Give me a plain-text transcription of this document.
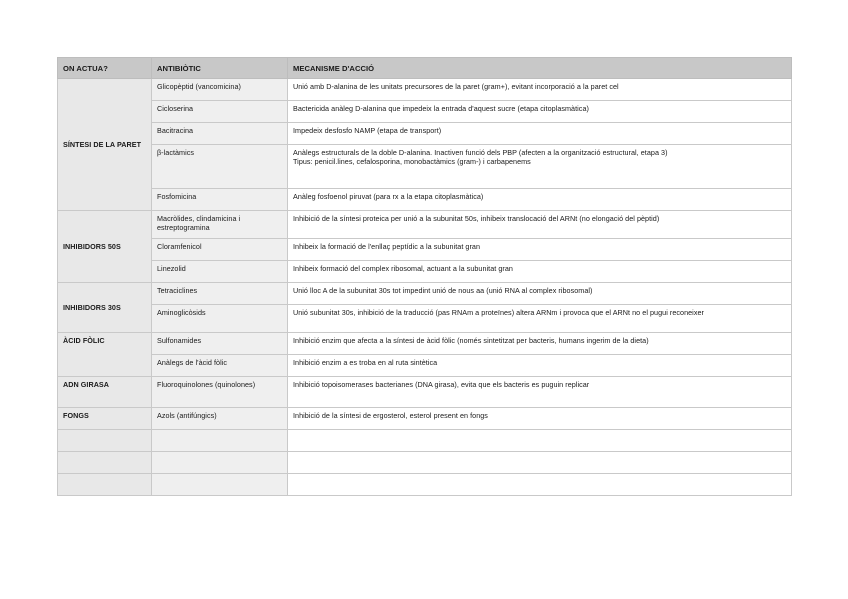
ON ACTUA?	ANTIBIÒTIC	MECANISME D'ACCIÓ
SÍNTESI DE LA PARET	Glicopèptid (vancomicina)	Unió amb D-alanina de les unitats precursores de la paret (gram+), evitant incorporació a la paret cel
	Cicloserina	Bactericida anàleg D-alanina que impedeix la entrada d'aquest sucre (etapa citoplasmàtica)
	Bacitracina	Impedeix desfosfo NAMP (etapa de transport)
	β-lactàmics	Anàlegs estructurals de la doble D-alanina. Inactiven funció dels PBP (afecten a la organització estructural, etapa 3)
Tipus: penicil.lines, cefalosporina, monobactàmics (gram-) i carbapenems

	Fosfomicina	Anàleg fosfoenol piruvat (para rx a la etapa citoplasmàtica)
INHIBIDORS 50S	Macròlides, clindamicina i estreptogramina	Inhibició de la síntesi proteica per unió a la subunitat 50s, inhibeix translocació del ARNt (no elongació del pèptid)
	Cloramfenicol	Inhibeix la formació de l'enllaç peptídic a la subunitat gran
	Linezolid	Inhibeix formació del complex ribosomal, actuant a la subunitat gran
INHIBIDORS 30S	Tetraciclines	Unió lloc A de la subunitat 30s tot impedint unió de nous aa (unió RNA al complex ribosomal)
	Aminoglicòsids	Unió subunitat 30s, inhibició de la traducció (pas RNAm a proteïnes) altera ARNm i provoca que el ARNt no el pugui reconeixer
ÀCID FÒLIC	Sulfonamides	Inhibició enzim que afecta a la síntesi de àcid fòlic (només sintetitzat per bacteris, humans ingerim de la dieta)
	Anàlegs de l'àcid fòlic	Inhibició enzim a es troba en al ruta sintètica
ADN GIRASA	Fluoroquinolones (quinolones)	Inhibició topoisomerases bacterianes (DNA girasa), evita que els bacteris es puguin replicar
FONGS	Azols (antifúngics)	Inhibició de la síntesi de ergosterol, esterol present en fongs
